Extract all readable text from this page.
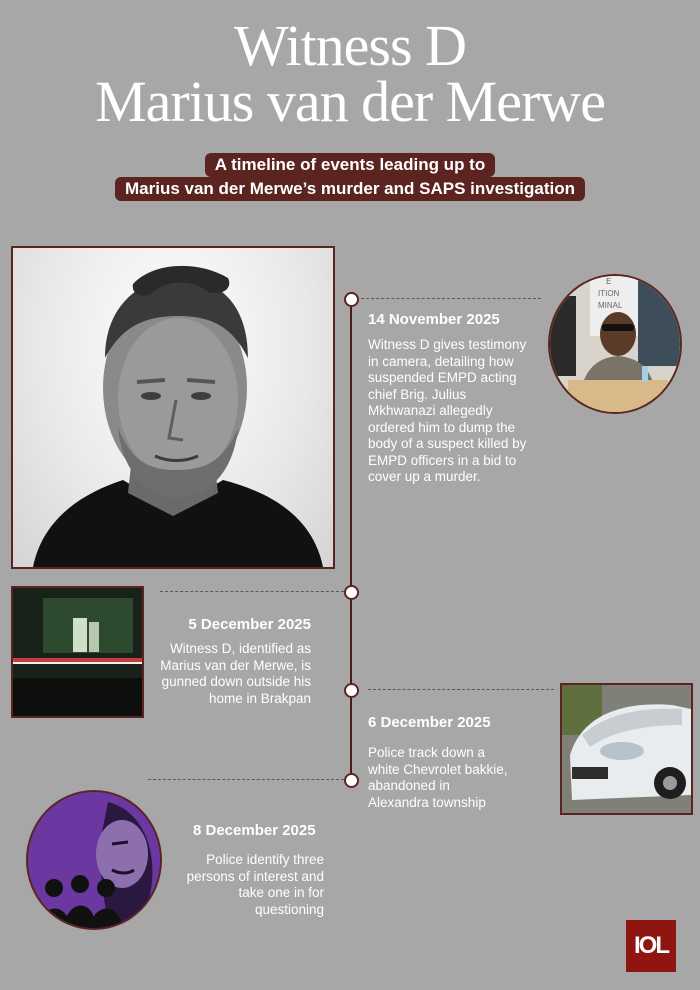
Witness D
Marius van der Merwe
A timeline of events leading up to
Marius van der Merwe’s murder and SAPS investigation
14 November 2025
Witness D gives testimony in camera, detailing how suspended EMPD acting chief Brig. Julius Mkhwanazi allegedly ordered him to dump the body of a suspect killed by EMPD officers in a bid to cover up a murder.
E
ITION
MINAL
5 December 2025
Witness D, identified as Marius van der Merwe, is gunned down outside his home in Brakpan
6 December 2025
Police track down a white Chevrolet bakkie, abandoned in Alexandra township
8 December 2025
Police identify three persons of interest and take one in for questioning
IOL
